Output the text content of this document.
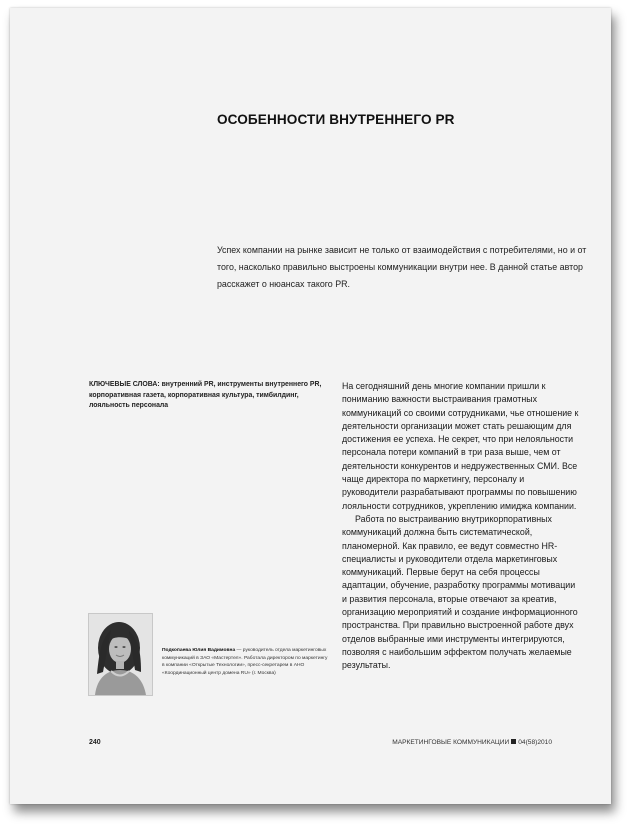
ОСОБЕННОСТИ ВНУТРЕННЕГО PR
Успех компании на рынке зависит не только от взаимодействия с потребителями, но и от того, насколько правильно выстроены коммуникации внутри нее. В данной статье автор расскажет о нюансах такого PR.
КЛЮЧЕВЫЕ СЛОВА: внутренний PR, инструменты внутреннего PR, корпоративная газета, корпоративная культура, тимбилдинг, лояльность персонала

На сегодняшний день многие компании пришли к пониманию важности выстраивания грамотных коммуникаций со своими сотрудниками, чье отношение к деятельности организации может стать решающим для достижения ее успеха. Не секрет, что при нелояльности персонала потери компаний в три раза выше, чем от деятельности конкурентов и недружественных СМИ. Все чаще директора по маркетингу, персоналу и руководители разрабатывают программы по повышению лояльности сотрудников, укреплению имиджа компании.

Работа по выстраиванию внутрикорпоративных коммуникаций должна быть систематической, планомерной. Как правило, ее ведут совместно HR-специалисты и руководители отдела маркетинговых коммуникаций. Первые берут на себя процессы адаптации, обучение, разработку программы мотивации и развития персонала, вторые отвечают за креатив, организацию мероприятий и создание информационного пространства. При правильно выстроенной работе двух отделов выбранные ими инструменты интегрируются, позволяя с наибольшим эффектом получать желаемые результаты.

Подкопаева Юлия Вадимовна — руководитель отдела маркетинговых коммуникаций в ЗАО «Мастертел». Работала директором по маркетингу в компании «Открытые Технологии», пресс-секретарем в АНО «Координационный центр домена RU» (г. Москва)
240	МАРКЕТИНГОВЫЕ КОММУНИКАЦИИ 04(58)2010
